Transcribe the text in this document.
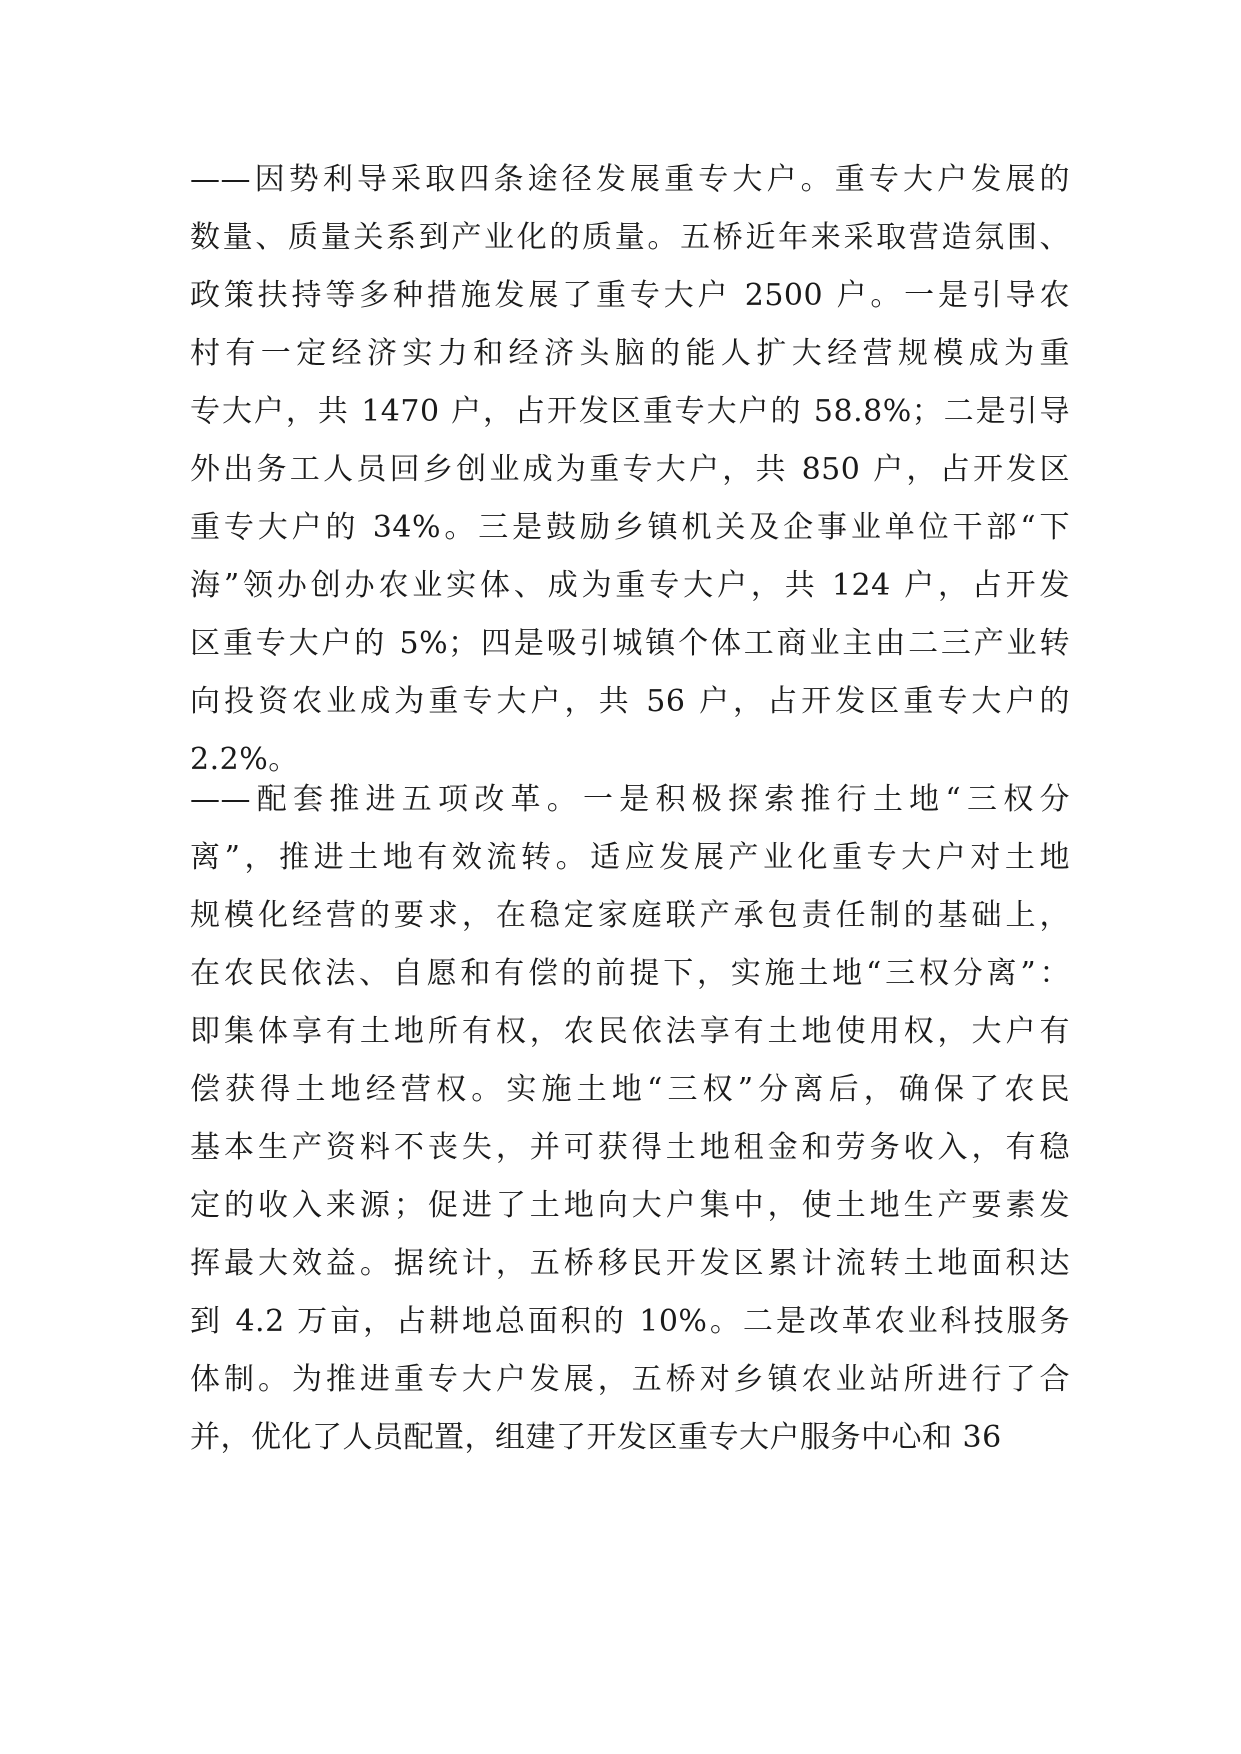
——因势利导采取四条途径发展重专大户。重专大户发展的
数量、质量关系到产业化的质量。五桥近年来采取营造氛围、
政策扶持等多种措施发展了重专大户 2500 户。一是引导农
村有一定经济实力和经济头脑的能人扩大经营规模成为重
专大户，共 1470 户，占开发区重专大户的 58.8%；二是引导
外出务工人员回乡创业成为重专大户，共 850 户，占开发区
重专大户的 34%。三是鼓励乡镇机关及企事业单位干部“下
海”领办创办农业实体、成为重专大户，共 124 户，占开发
区重专大户的 5%；四是吸引城镇个体工商业主由二三产业转
向投资农业成为重专大户，共 56 户，占开发区重专大户的
2.2%。
——配套推进五项改革。一是积极探索推行土地“三权分
离”，推进土地有效流转。适应发展产业化重专大户对土地
规模化经营的要求，在稳定家庭联产承包责任制的基础上，
在农民依法、自愿和有偿的前提下，实施土地“三权分离”：
即集体享有土地所有权，农民依法享有土地使用权，大户有
偿获得土地经营权。实施土地“三权”分离后，确保了农民
基本生产资料不丧失，并可获得土地租金和劳务收入，有稳
定的收入来源；促进了土地向大户集中，使土地生产要素发
挥最大效益。据统计，五桥移民开发区累计流转土地面积达
到 4.2 万亩，占耕地总面积的 10%。二是改革农业科技服务
体制。为推进重专大户发展，五桥对乡镇农业站所进行了合
并，优化了人员配置，组建了开发区重专大户服务中心和 36
